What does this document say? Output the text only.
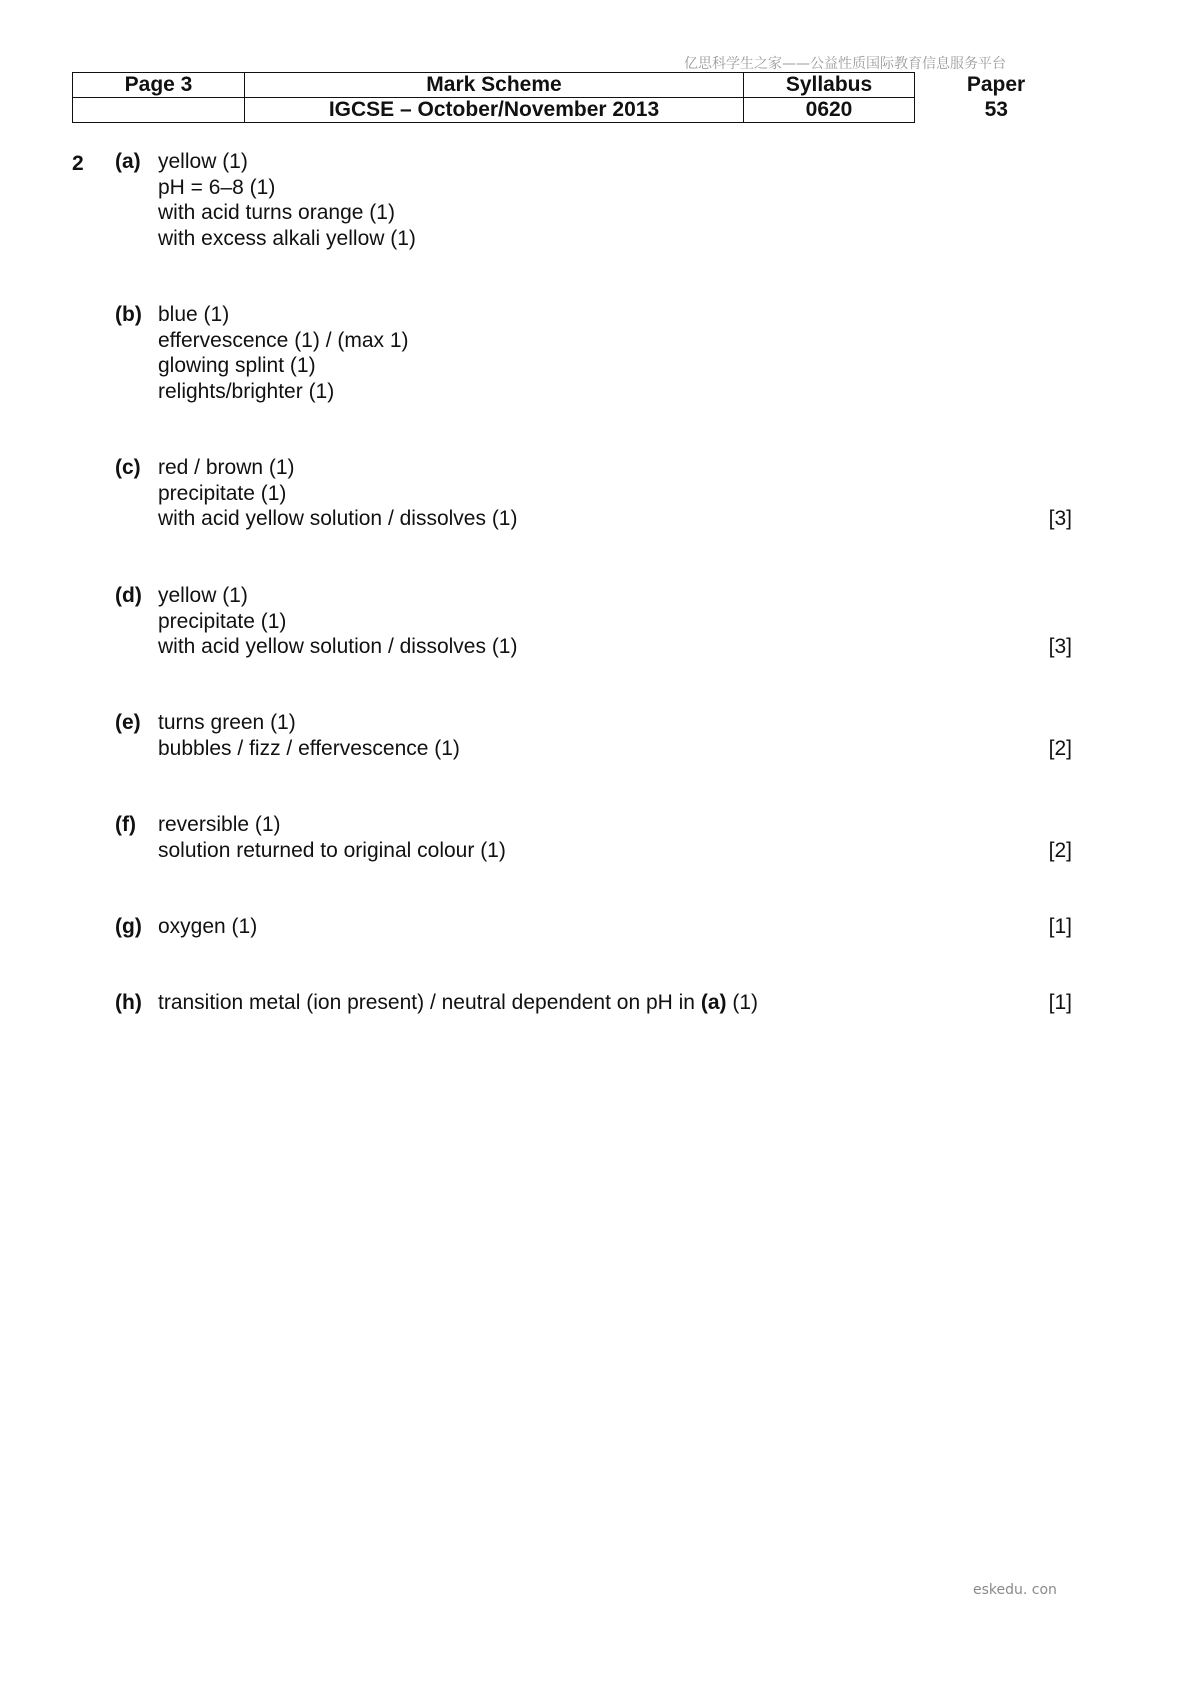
亿思科学生之家——公益性质国际教育信息服务平台
Page 3	Mark Scheme	Syllabus	Paper
	IGCSE – October/November 2013	0620	53
2 (a) yellow (1)
pH = 6–8 (1)
with acid turns orange (1)
with excess alkali yellow (1)
(b) blue (1)
effervescence (1) / (max 1)
glowing splint (1)
relights/brighter (1)
(c) red / brown (1)
precipitate (1)
with acid yellow solution / dissolves (1)	[3]
(d) yellow (1)
precipitate (1)
with acid yellow solution / dissolves (1)	[3]
(e) turns green (1)
bubbles / fizz / effervescence (1)	[2]
(f) reversible (1)
solution returned to original colour (1)	[2]
(g) oxygen (1)	[1]
(h) transition metal (ion present) / neutral dependent on pH in (a) (1)	[1]
eskedu. con
